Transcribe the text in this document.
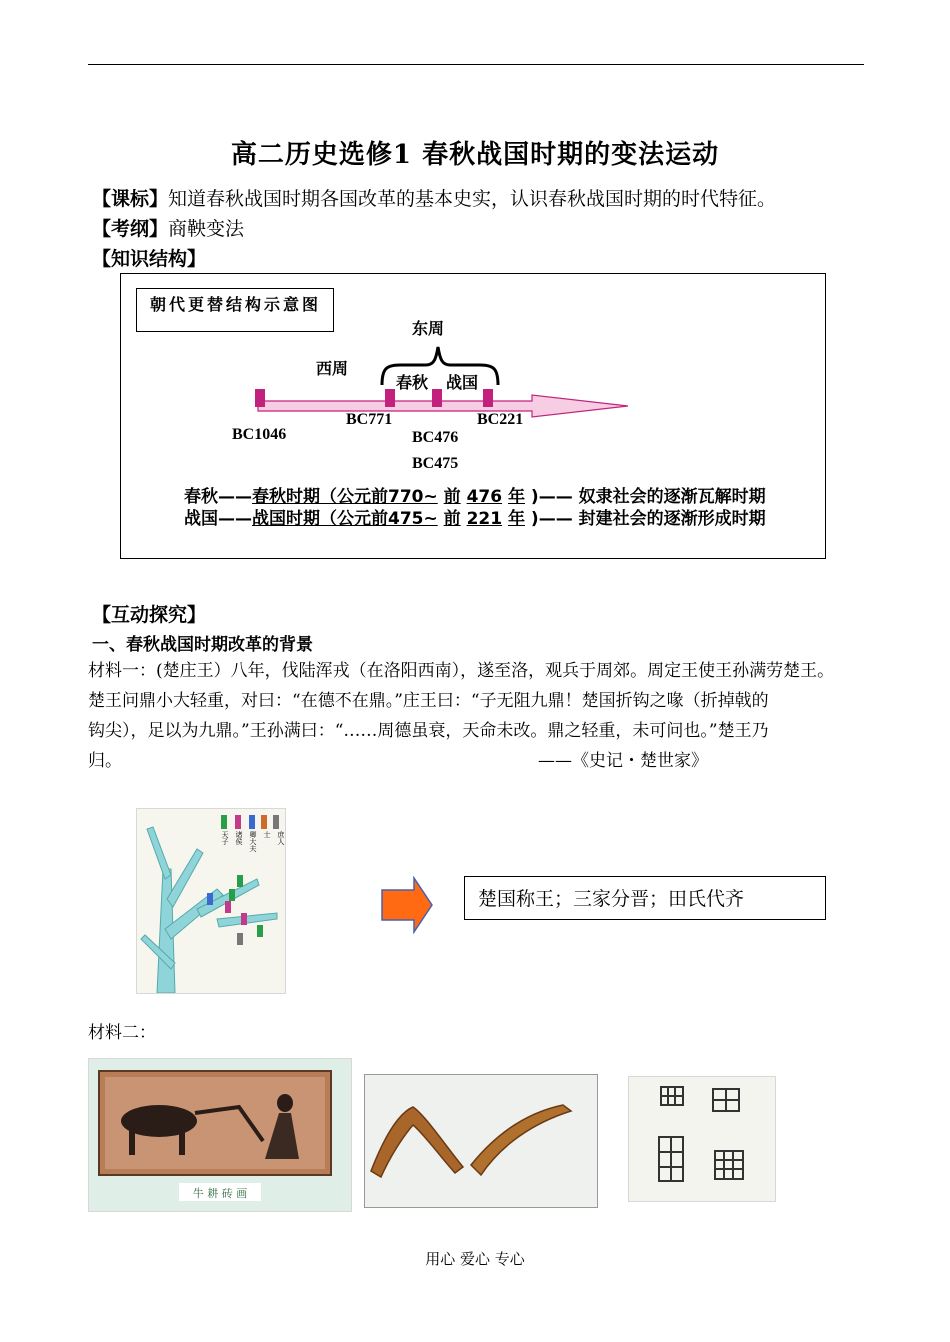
高二历史选修1 春秋战国时期的变法运动
【课标】知道春秋战国时期各国改革的基本史实，认识春秋战国时期的时代特征。
【考纲】商鞅变法
【知识结构】
朝代更替结构示意图
东周
西周
春秋 战国
BC1046
BC771
BC476
BC475
BC221
春秋——春秋时期（公元前770~ 前 476 年 )—— 奴隶社会的逐渐瓦解时期
战国——战国时期（公元前475~ 前 221 年 )—— 封建社会的逐渐形成时期
【互动探究】
一、春秋战国时期改革的背景

材料一：(楚庄王）八年，伐陆浑戎（在洛阳西南），遂至洛，观兵于周郊。周定王使王孙满劳楚王。

楚王问鼎小大轻重，对曰：“在德不在鼎。”庄王曰：“子无阻九鼎！楚国折钩之喙（折掉戟的

钩尖），足以为九鼎。”王孙满曰：“……周德虽衰，天命未改。鼎之轻重，未可问也。”楚王乃

归。	——《史记・楚世家》
天子 诸侯 卿大夫 士 庶人
楚国称王；三家分晋；田氏代齐
材料二：
牛 耕 砖 画
用心 爱心 专心
